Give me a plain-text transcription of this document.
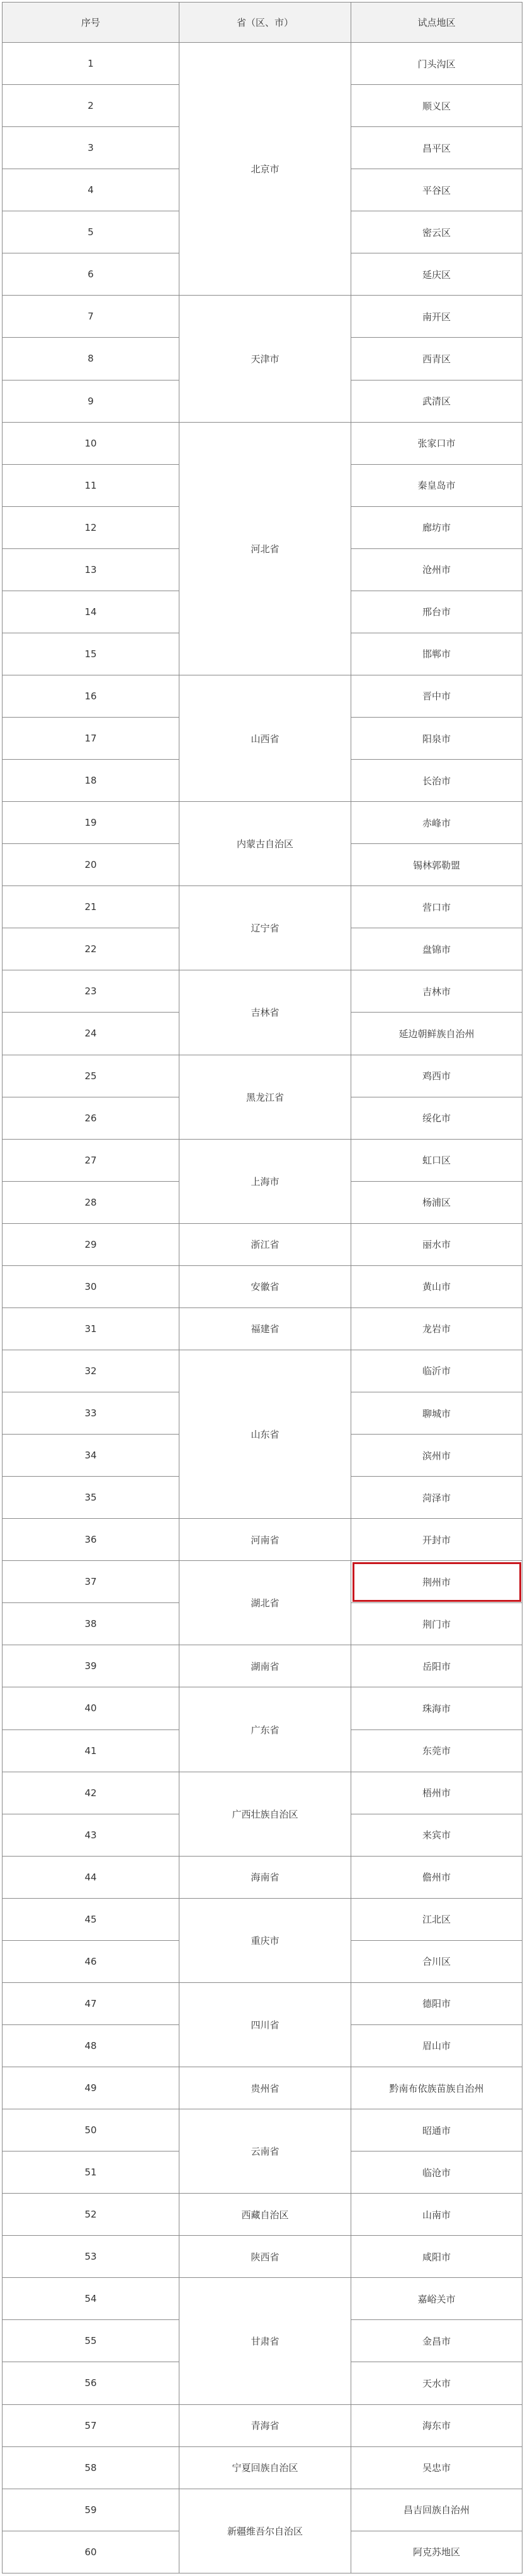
序号	省（区、市）	试点地区
1	北京市	门头沟区
2		顺义区
3		昌平区
4		平谷区
5		密云区
6		延庆区
7	天津市	南开区
8		西青区
9		武清区
10	河北省	张家口市
11		秦皇岛市
12		廊坊市
13		沧州市
14		邢台市
15		邯郸市
16	山西省	晋中市
17		阳泉市
18		长治市
19	内蒙古自治区	赤峰市
20		锡林郭勒盟
21	辽宁省	营口市
22		盘锦市
23	吉林省	吉林市
24		延边朝鲜族自治州
25	黑龙江省	鸡西市
26		绥化市
27	上海市	虹口区
28		杨浦区
29	浙江省	丽水市
30	安徽省	黄山市
31	福建省	龙岩市
32	山东省	临沂市
33		聊城市
34		滨州市
35		菏泽市
36	河南省	开封市
37	湖北省	荆州市
38		荆门市
39	湖南省	岳阳市
40	广东省	珠海市
41		东莞市
42	广西壮族自治区	梧州市
43		来宾市
44	海南省	儋州市
45	重庆市	江北区
46		合川区
47	四川省	德阳市
48		眉山市
49	贵州省	黔南布依族苗族自治州
50	云南省	昭通市
51		临沧市
52	西藏自治区	山南市
53	陕西省	咸阳市
54	甘肃省	嘉峪关市
55		金昌市
56		天水市
57	青海省	海东市
58	宁夏回族自治区	吴忠市
59	新疆维吾尔自治区	昌吉回族自治州
60		阿克苏地区
